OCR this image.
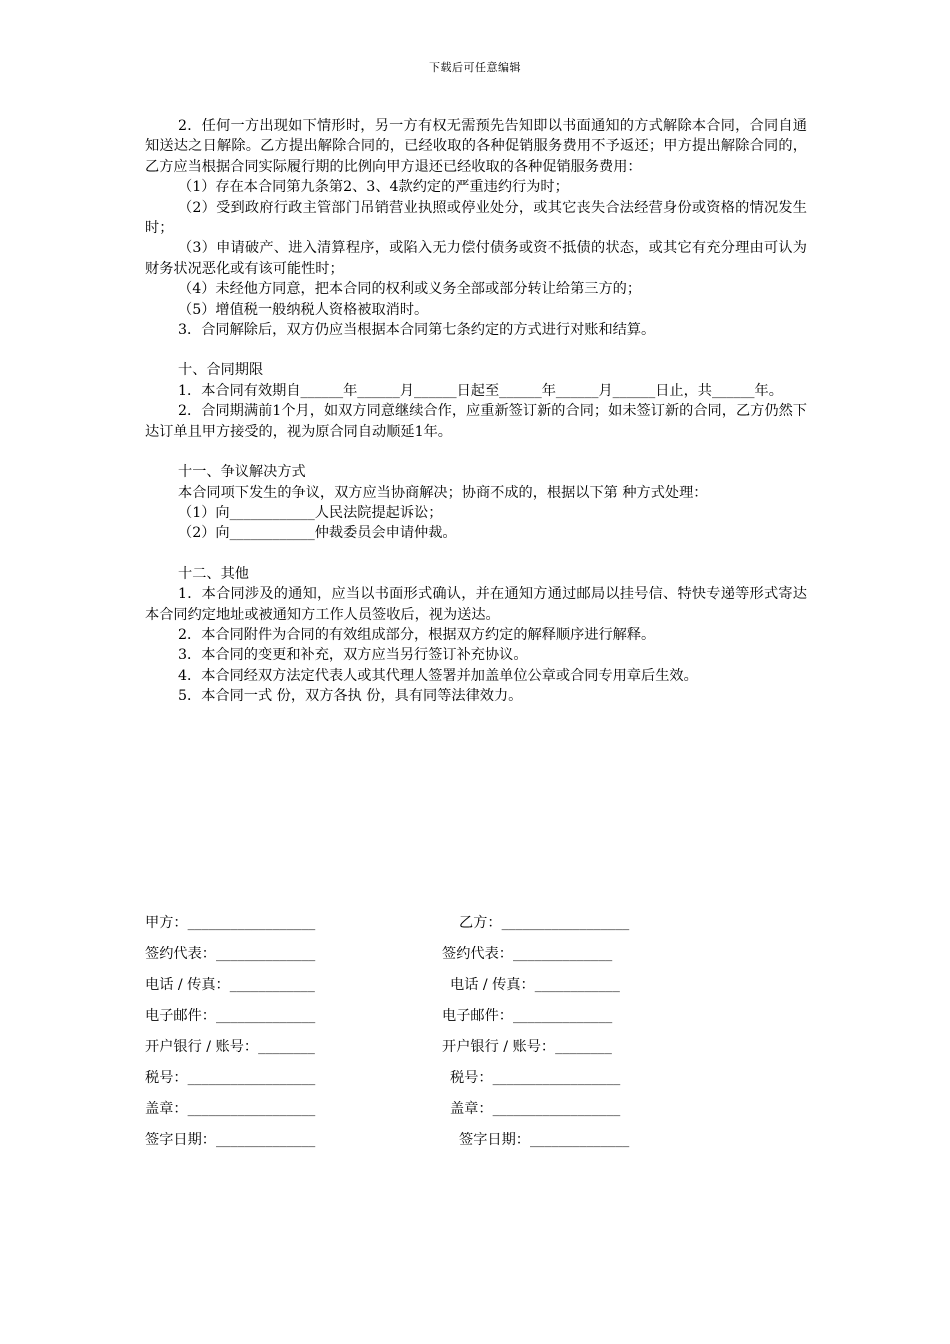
下载后可任意编辑

2．任何一方出现如下情形时，另一方有权无需预先告知即以书面通知的方式解除本合同，合同自通知送达之日解除。乙方提出解除合同的，已经收取的各种促销服务费用不予返还；甲方提出解除合同的，乙方应当根据合同实际履行期的比例向甲方退还已经收取的各种促销服务费用：

（1）存在本合同第九条第2、3、4款约定的严重违约行为时；

（2）受到政府行政主管部门吊销营业执照或停业处分，或其它丧失合法经营身份或资格的情况发生时；

（3）申请破产、进入清算程序，或陷入无力偿付债务或资不抵债的状态，或其它有充分理由可认为财务状况恶化或有该可能性时；

（4）未经他方同意，把本合同的权利或义务全部或部分转让给第三方的；

（5）增值税一般纳税人资格被取消时。

3．合同解除后，双方仍应当根据本合同第七条约定的方式进行对账和结算。

十、合同期限

1．本合同有效期自______年______月______日起至______年______月______日止，共______年。

2．合同期满前1个月，如双方同意继续合作，应重新签订新的合同；如未签订新的合同，乙方仍然下达订单且甲方接受的，视为原合同自动顺延1年。

十一、争议解决方式

本合同项下发生的争议，双方应当协商解决；协商不成的，根据以下第 种方式处理：

（1）向____________人民法院提起诉讼；

（2）向____________仲裁委员会申请仲裁。

十二、其他

1．本合同涉及的通知，应当以书面形式确认，并在通知方通过邮局以挂号信、特快专递等形式寄达本合同约定地址或被通知方工作人员签收后，视为送达。

2．本合同附件为合同的有效组成部分，根据双方约定的解释顺序进行解释。

3．本合同的变更和补充，双方应当另行签订补充协议。

4．本合同经双方法定代表人或其代理人签署并加盖单位公章或合同专用章后生效。

5．本合同一式 份，双方各执 份，具有同等法律效力。

甲方：__________________	乙方：__________________
签约代表：______________	签约代表：______________
电话 / 传真：____________	电话 / 传真：____________
电子邮件：______________	电子邮件：______________
开户银行 / 账号：________	开户银行 / 账号：________
税号：__________________	税号：__________________
盖章：__________________	盖章：__________________
签字日期：______________	签字日期：______________
